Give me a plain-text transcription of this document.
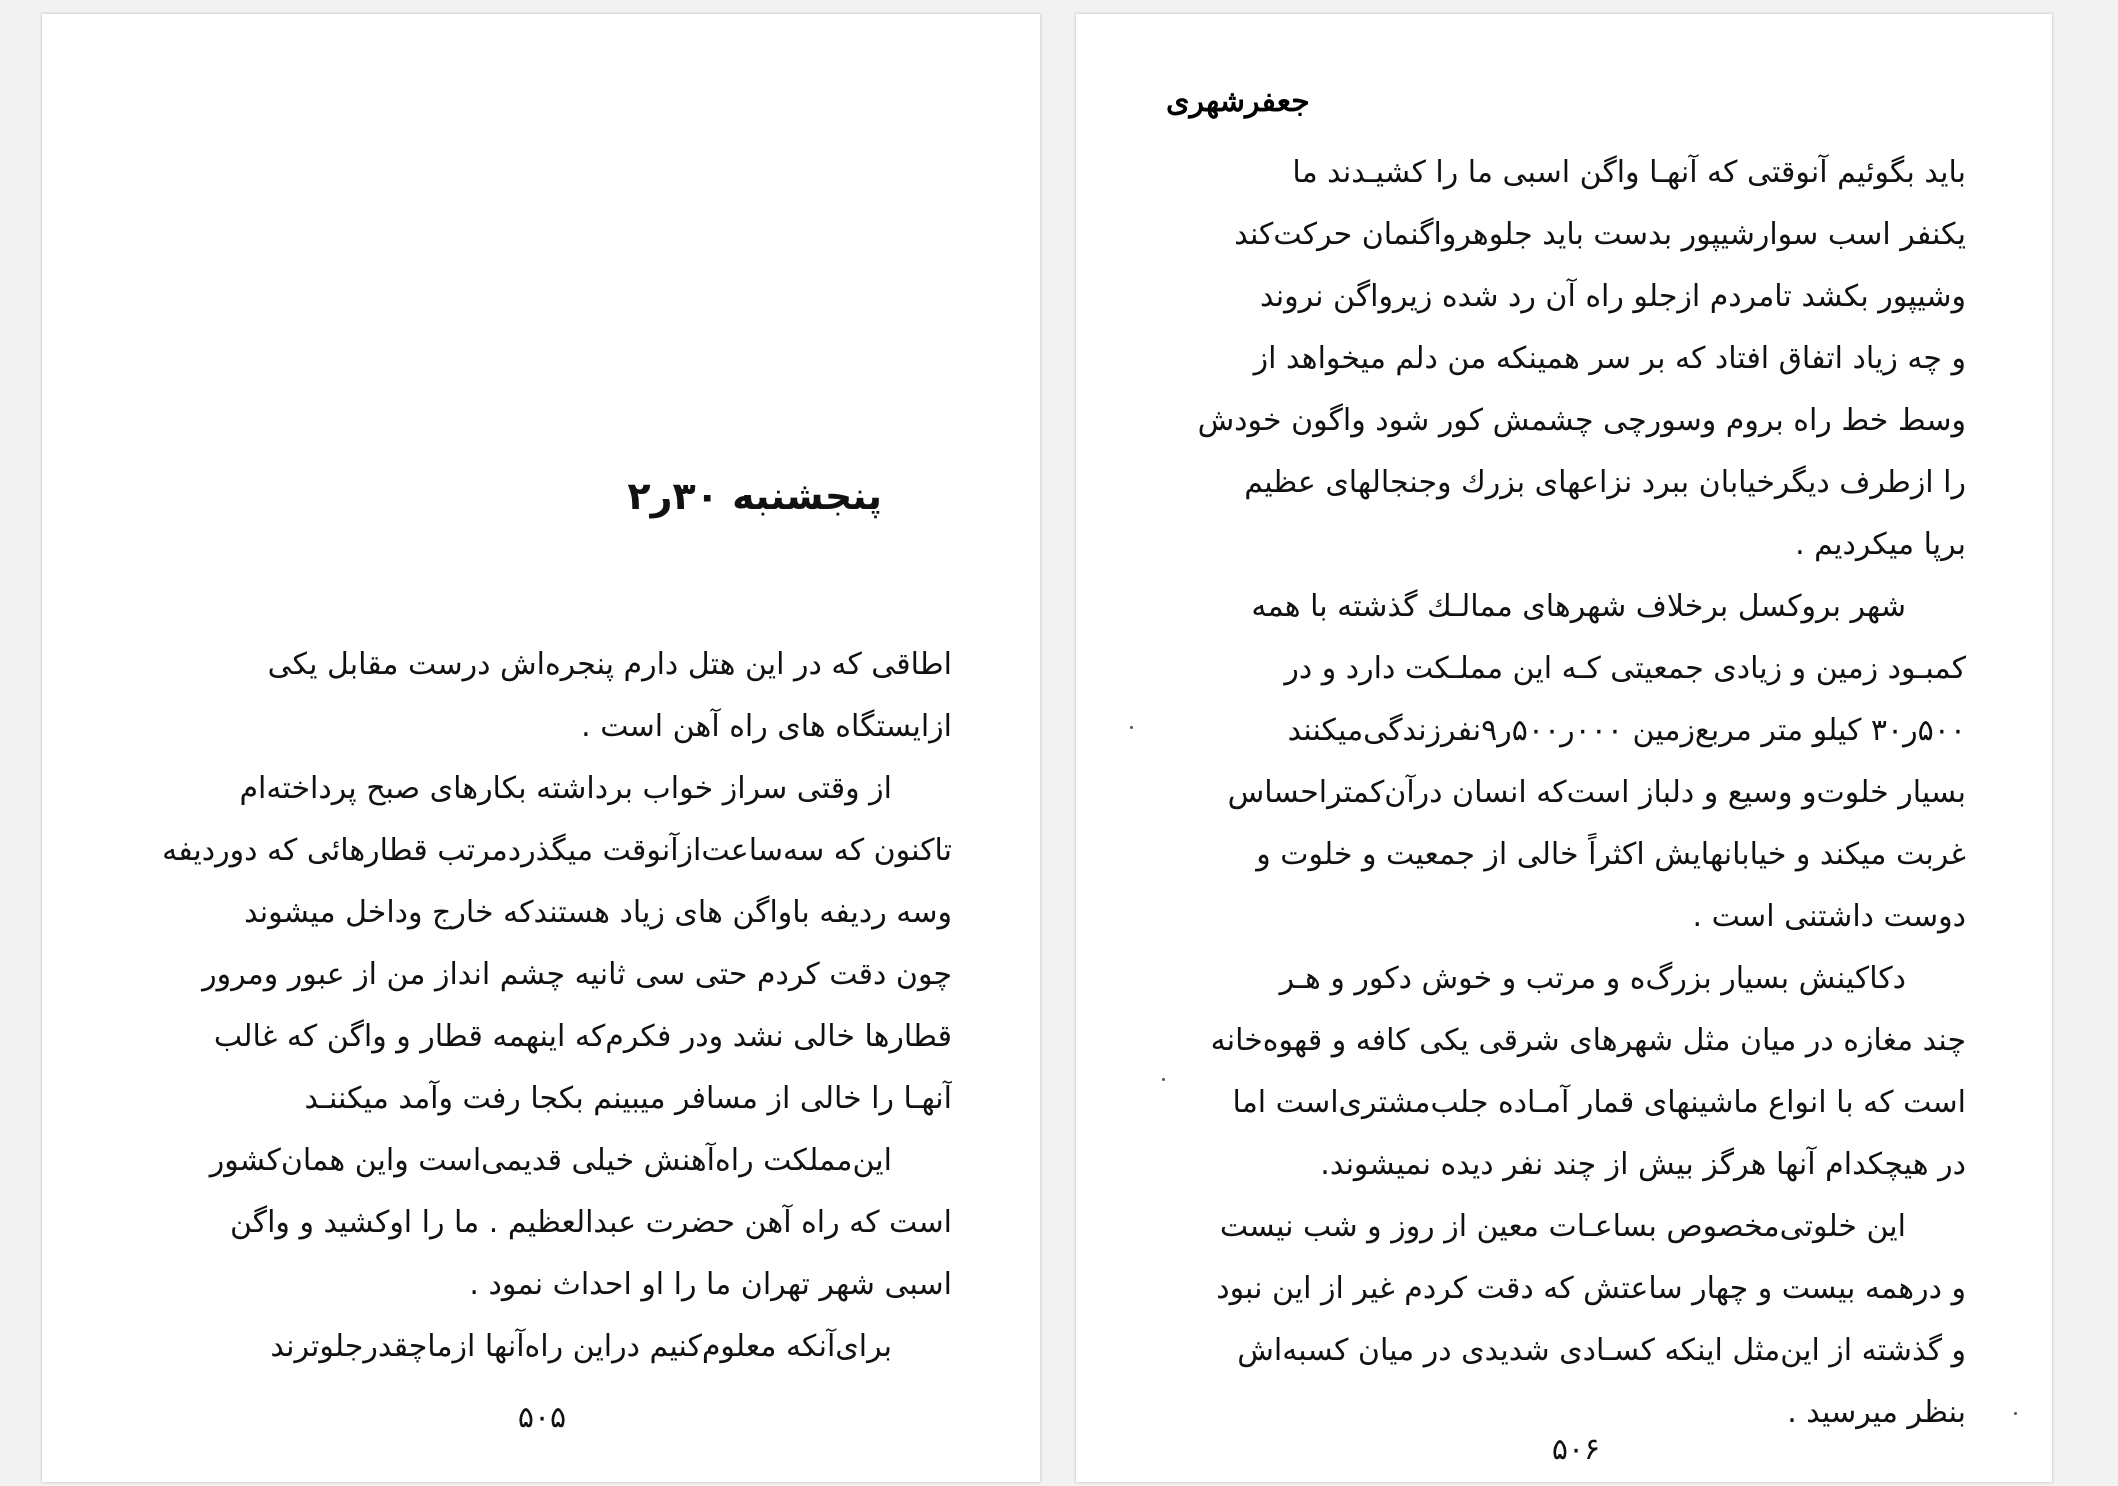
پنجشنبه ۳۰ر۲
اطاقی که در این هتل دارم پنجره‌اش درست مقابل یکی
ازایستگاه های راه آهن است .
از وقتی سراز خواب برداشته بکارهای صبح پرداخته‌ام
تاکنون که سه‌ساعت‌ازآنوقت میگذرد‌مرتب قطارهائی که دوردیفه
وسه ردیفه باواگن های زیاد هستندکه خارج وداخل میشوند
چون دقت کردم حتی سی ثانیه چشم انداز من از عبور ومرور
قطارها خالی نشد ودر فکرم‌که اینهمه قطار و واگن که غالب
آنهـا را خالی از مسافر میبینم بکجا رفت وآمد میکننـد
این‌مملکت راه‌آهنش خیلی قدیمی‌است واین همان‌کشور
است که راه آهن حضرت عبدالعظیم . ما را اوکشید و واگن
اسبی شهر تهران ما را او احداث نمود .
برای‌آنکه معلوم‌کنیم دراین راه‌آنها ازماچقدرجلوترند
۵۰۵
جعفرشهری
باید بگوئیم آنوقتی که آنهـا واگن اسبی ما را کشیـدند ما
یکنفر اسب سوارشیپور بدست باید جلوهرواگنمان حرکت‌کند
وشیپور بکشد تامردم ازجلو راه آن رد شده زیرواگن نروند
و چه زیاد اتفاق افتاد که بر سر همینکه من دلم میخواهد از
وسط خط راه بروم وسورچی چشمش کور شود واگون خودش
را ازطرف دیگرخیابان ببرد نزاعهای بزرك وجنجالهای عظیم
برپا میکردیم .
شهر بروکسل برخلاف شهرهای ممالـك گذشته با همه
کمبـود زمین و زیادی جمعیتی کـه این مملـکت دارد و در
۵۰۰ر۳۰ کیلو متر مربع‌زمین ۰۰۰ر۵۰۰ر۹نفرزندگی‌میکنند
بسیار خلوت‌و وسیع و دلباز است‌که انسان درآن‌کمتراحساس
غربت میکند و خیابانهایش اکثراً خالی از جمعیت و خلوت و
دوست داشتنی است .
دکاکینش بسیار بزرگ‌ه و مرتب و خوش دکور و هـر
چند مغازه در میان مثل شهرهای شرقی یکی کافه و قهوه‌خانه
است که با انواع ماشینهای قمار آمـاده جلب‌مشتری‌است اما
در هیچکدام آنها هرگز بیش از چند نفر دیده نمیشوند.
این خلوتی‌مخصوص بساعـات معین از روز و شب نیست
و درهمه بیست و چهار ساعتش که دقت کردم غیر از این نبود
و گذشته از این‌مثل اینکه کسـادی شدیدی در میان کسبه‌اش
بنظر میرسید .
۵۰۶
